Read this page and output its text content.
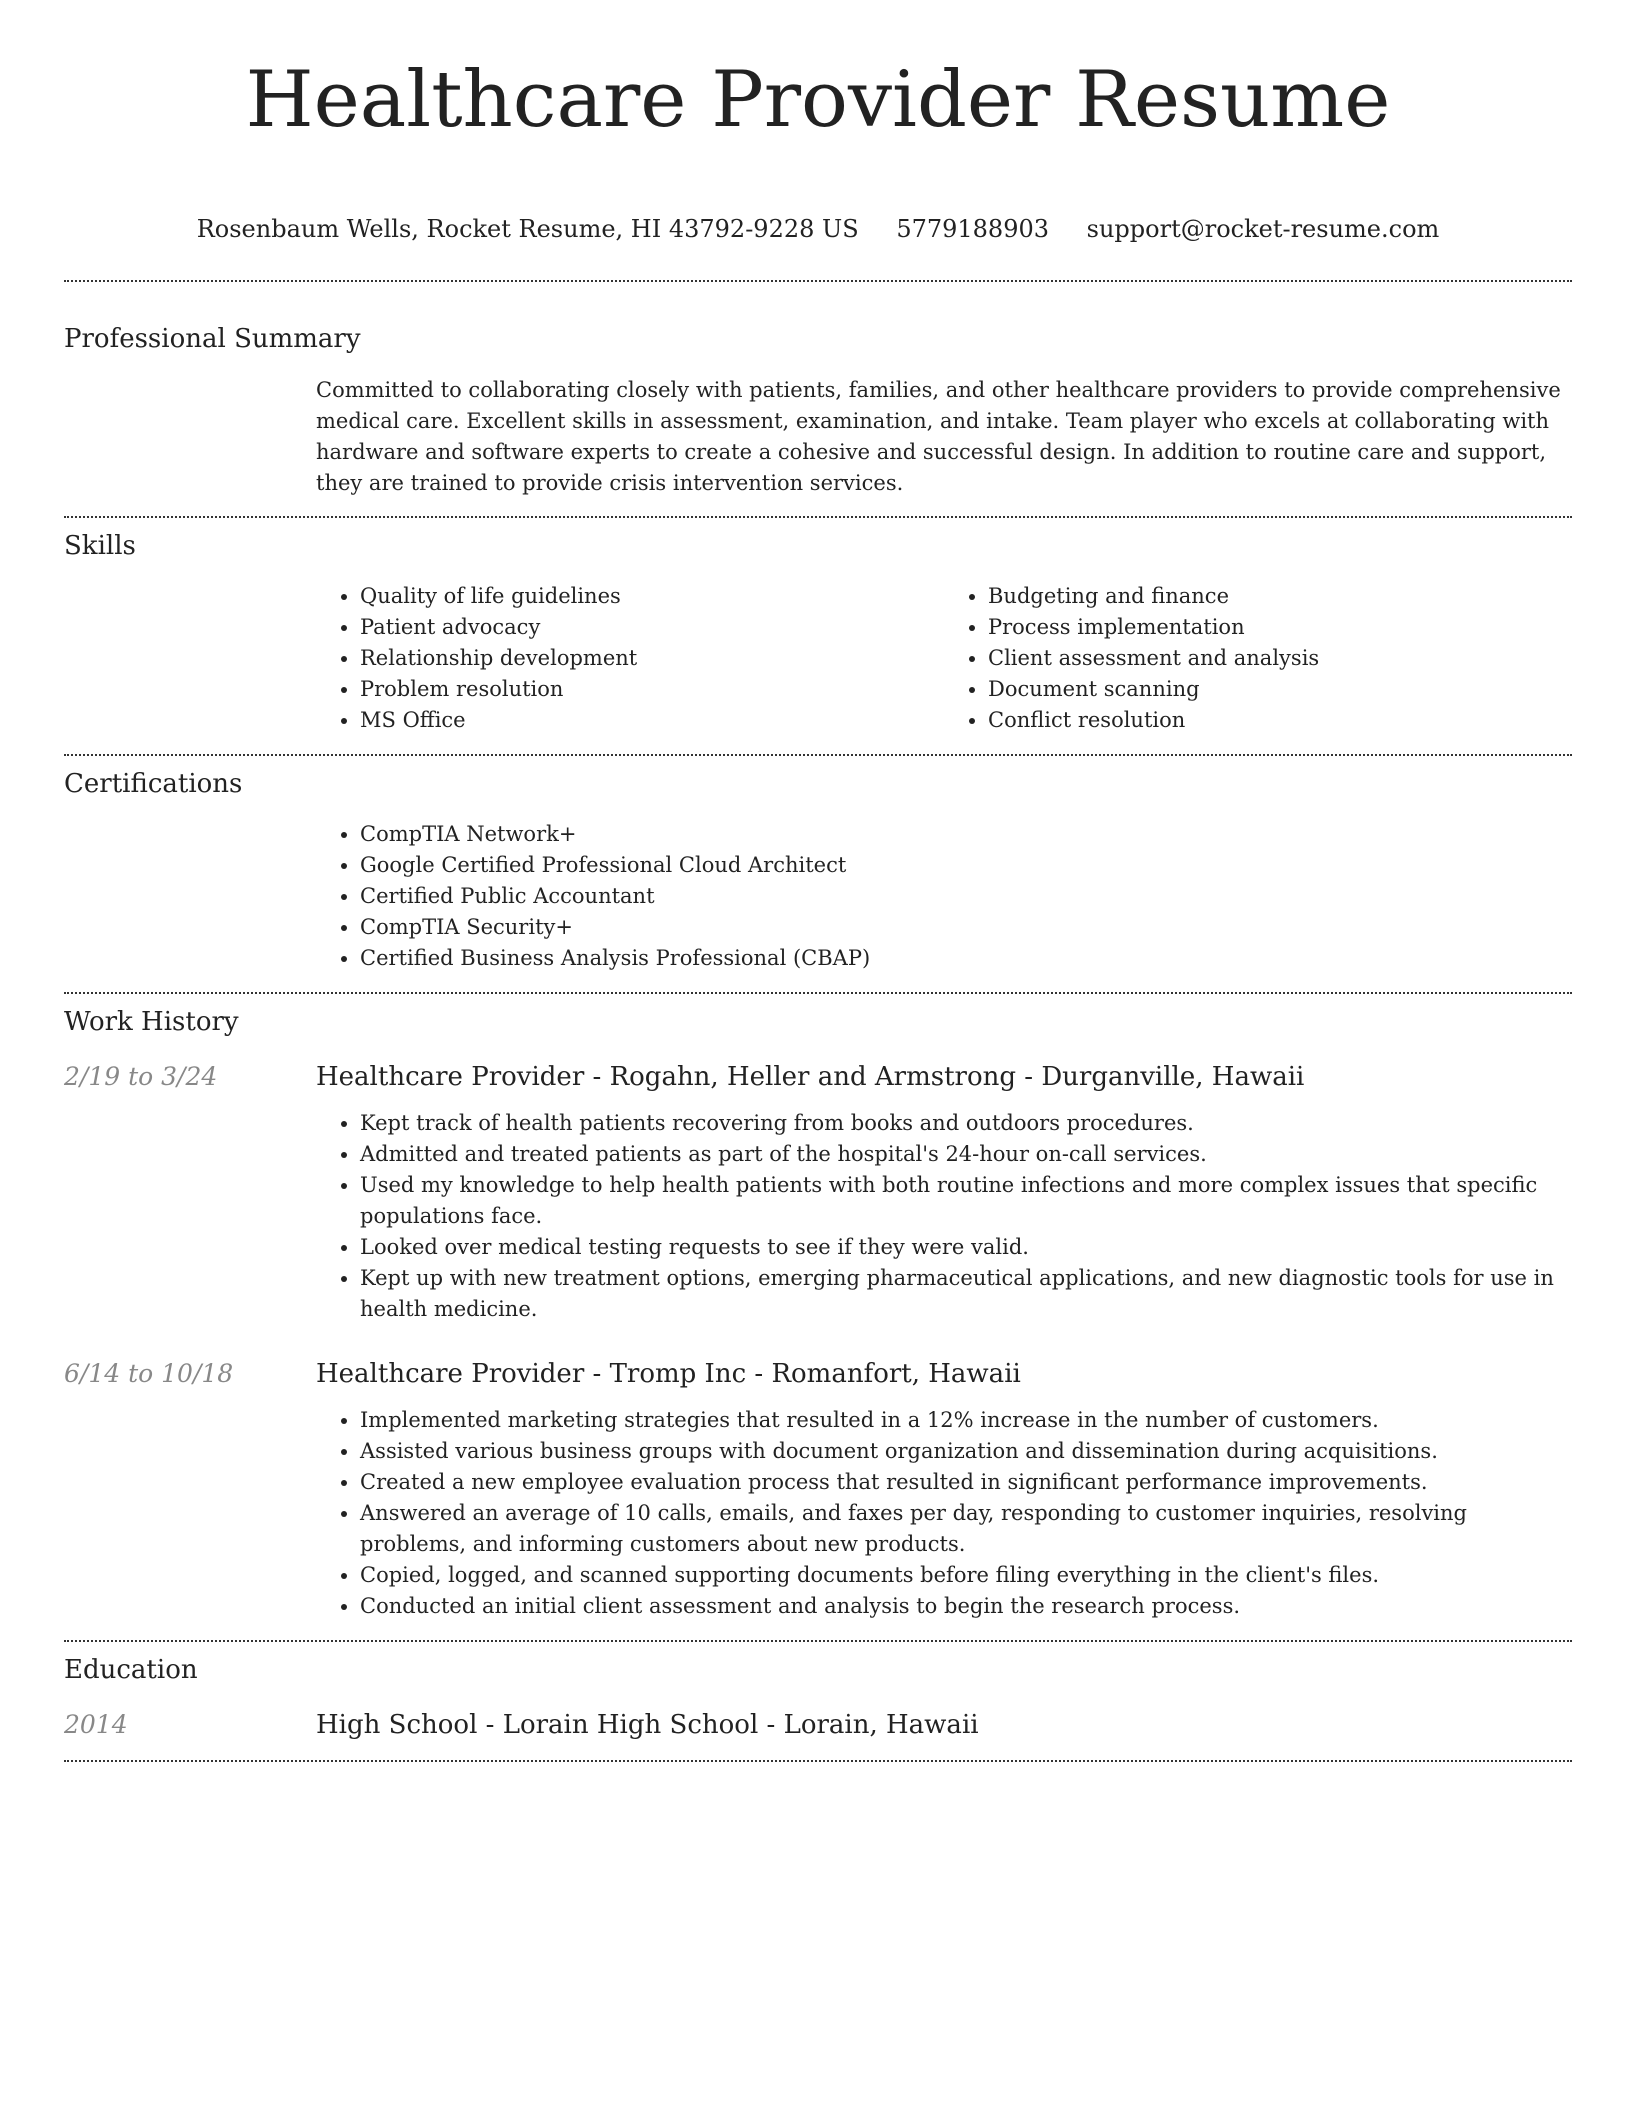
Healthcare Provider Resume
Rosenbaum Wells, Rocket Resume, HI 43792-9228 US 5779188903 support@rocket-resume.com
Professional Summary
Committed to collaborating closely with patients, families, and other healthcare providers to provide comprehensive medical care. Excellent skills in assessment, examination, and intake. Team player who excels at collaborating with hardware and software experts to create a cohesive and successful design. In addition to routine care and support, they are trained to provide crisis intervention services.
Skills
• Quality of life guidelines
• Patient advocacy
• Relationship development
• Problem resolution
• MS Office
• Budgeting and finance
• Process implementation
• Client assessment and analysis
• Document scanning
• Conflict resolution
Certifications
• CompTIA Network+
• Google Certified Professional Cloud Architect
• Certified Public Accountant
• CompTIA Security+
• Certified Business Analysis Professional (CBAP)
Work History
2/19 to 3/24	Healthcare Provider - Rogahn, Heller and Armstrong - Durganville, Hawaii
• Kept track of health patients recovering from books and outdoors procedures.
• Admitted and treated patients as part of the hospital's 24-hour on-call services.
• Used my knowledge to help health patients with both routine infections and more complex issues that specific populations face.
• Looked over medical testing requests to see if they were valid.
• Kept up with new treatment options, emerging pharmaceutical applications, and new diagnostic tools for use in health medicine.
6/14 to 10/18	Healthcare Provider - Tromp Inc - Romanfort, Hawaii
• Implemented marketing strategies that resulted in a 12% increase in the number of customers.
• Assisted various business groups with document organization and dissemination during acquisitions.
• Created a new employee evaluation process that resulted in significant performance improvements.
• Answered an average of 10 calls, emails, and faxes per day, responding to customer inquiries, resolving problems, and informing customers about new products.
• Copied, logged, and scanned supporting documents before filing everything in the client's files.
• Conducted an initial client assessment and analysis to begin the research process.
Education
2014	High School - Lorain High School - Lorain, Hawaii
